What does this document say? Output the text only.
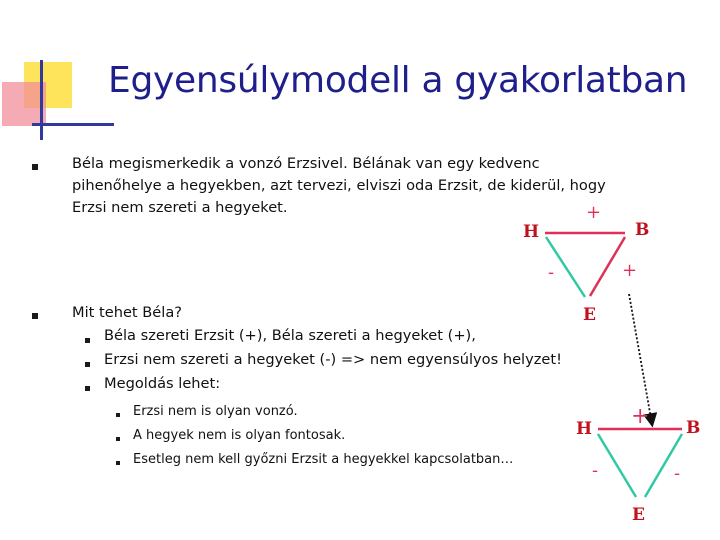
Egyensúlymodell a gyakorlatban
Béla megismerkedik a vonzó Erzsivel. Bélának van egy kedvenc
pihenőhelye a hegyekben, azt tervezi, elviszi oda Erzsit, de kiderül, hogy
Erzsi nem szereti a hegyeket.
Mit tehet Béla?
Béla szereti Erzsit (+), Béla szereti a hegyeket (+),
Erzsi nem szereti a hegyeket (-) => nem egyensúlyos helyzet!
Megoldás lehet:
Erzsi nem is olyan vonzó.
A hegyek nem is olyan fontosak.
Esetleg nem kell győzni Erzsit a hegyekkel kapcsolatban…
H	B
E
+
-	+
H	B
E
+
-	-
